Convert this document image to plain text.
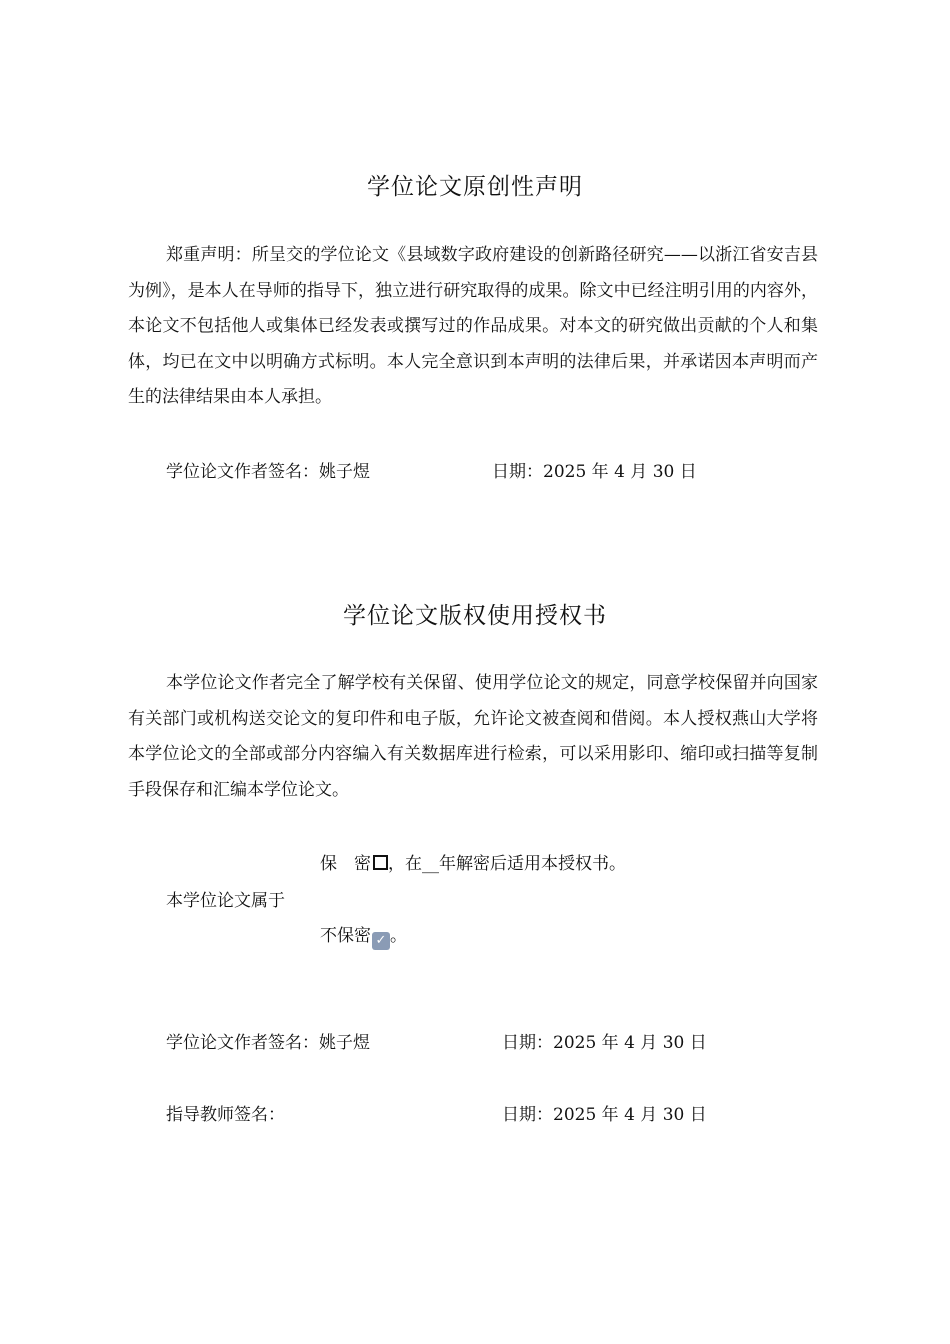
学位论文原创性声明

郑重声明：所呈交的学位论文《县域数字政府建设的创新路径研究——以浙江省安吉县为例》，是本人在导师的指导下，独立进行研究取得的成果。除文中已经注明引用的内容外，本论文不包括他人或集体已经发表或撰写过的作品成果。对本文的研究做出贡献的个人和集体，均已在文中以明确方式标明。本人完全意识到本声明的法律后果，并承诺因本声明而产生的法律结果由本人承担。

学位论文作者签名：姚子煜	日期：2025 年 4 月 30 日
学位论文版权使用授权书

本学位论文作者完全了解学校有关保留、使用学位论文的规定，同意学校保留并向国家有关部门或机构送交论文的复印件和电子版，允许论文被查阅和借阅。本人授权燕山大学将本学位论文的全部或部分内容编入有关数据库进行检索，可以采用影印、缩印或扫描等复制手段保存和汇编本学位论文。

保　密 ，在__年解密后适用本授权书。
本学位论文属于
不保密 ✓ 。
学位论文作者签名：姚子煜	日期：2025 年 4 月 30 日
指导教师签名：	日期：2025 年 4 月 30 日
